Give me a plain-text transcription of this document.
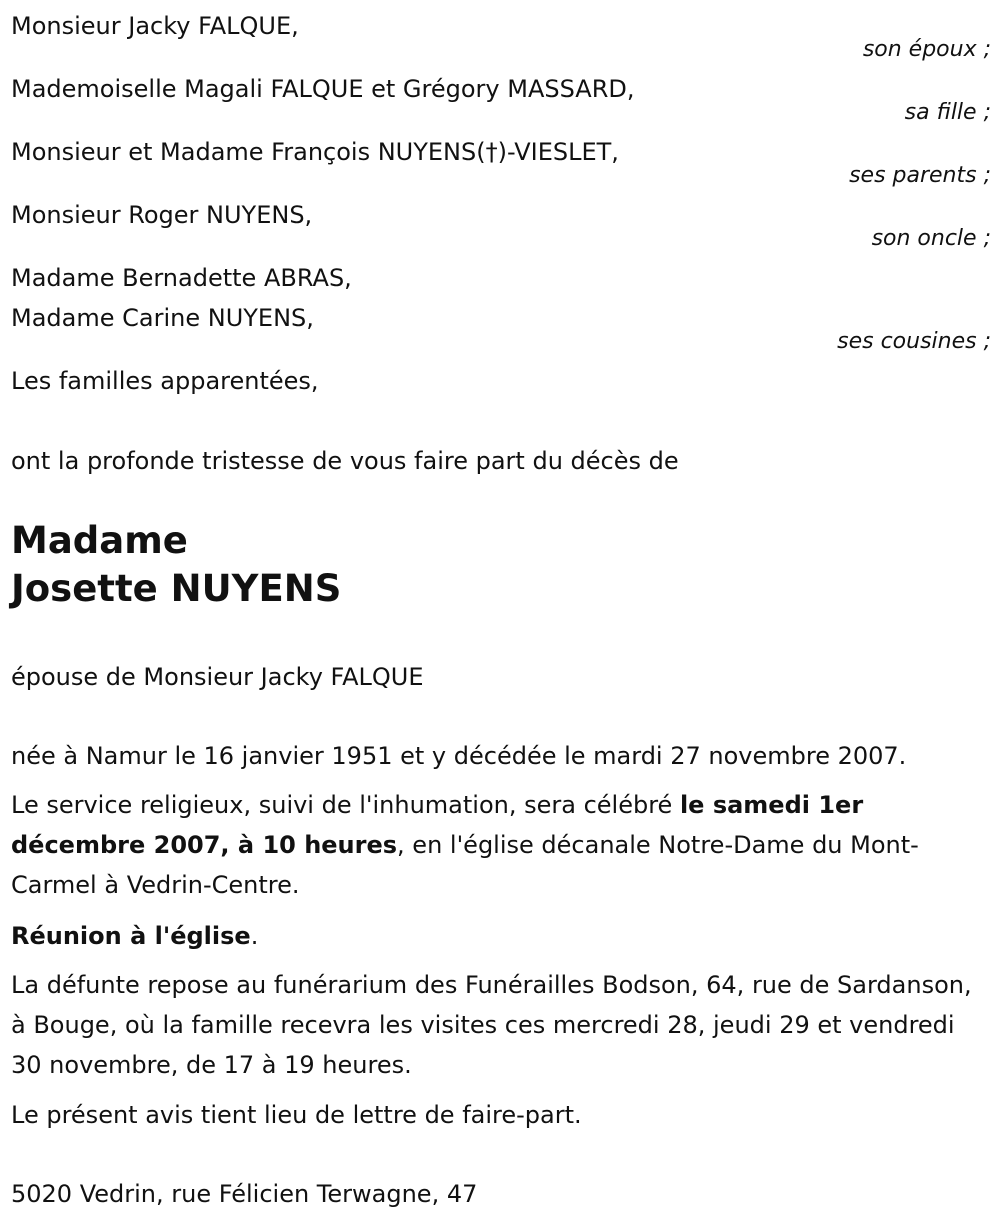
Monsieur Jacky FALQUE,
son époux ;
Mademoiselle Magali FALQUE et Grégory MASSARD,
sa fille ;
Monsieur et Madame François NUYENS(†)-VIESLET,
ses parents ;
Monsieur Roger NUYENS,
son oncle ;
Madame Bernadette ABRAS,
Madame Carine NUYENS,
ses cousines ;
Les familles apparentées,
ont la profonde tristesse de vous faire part du décès de
Madame
Josette NUYENS
épouse de Monsieur Jacky FALQUE
née à Namur le 16 janvier 1951 et y décédée le mardi 27 novembre 2007.
Le service religieux, suivi de l'inhumation, sera célébré le samedi 1er décembre 2007, à 10 heures, en l'église décanale Notre-Dame du Mont-Carmel à Vedrin-Centre.
Réunion à l'église.
La défunte repose au funérarium des Funérailles Bodson, 64, rue de Sardanson, à Bouge, où la famille recevra les visites ces mercredi 28, jeudi 29 et vendredi 30 novembre, de 17 à 19 heures.
Le présent avis tient lieu de lettre de faire-part.
5020 Vedrin, rue Félicien Terwagne, 47
